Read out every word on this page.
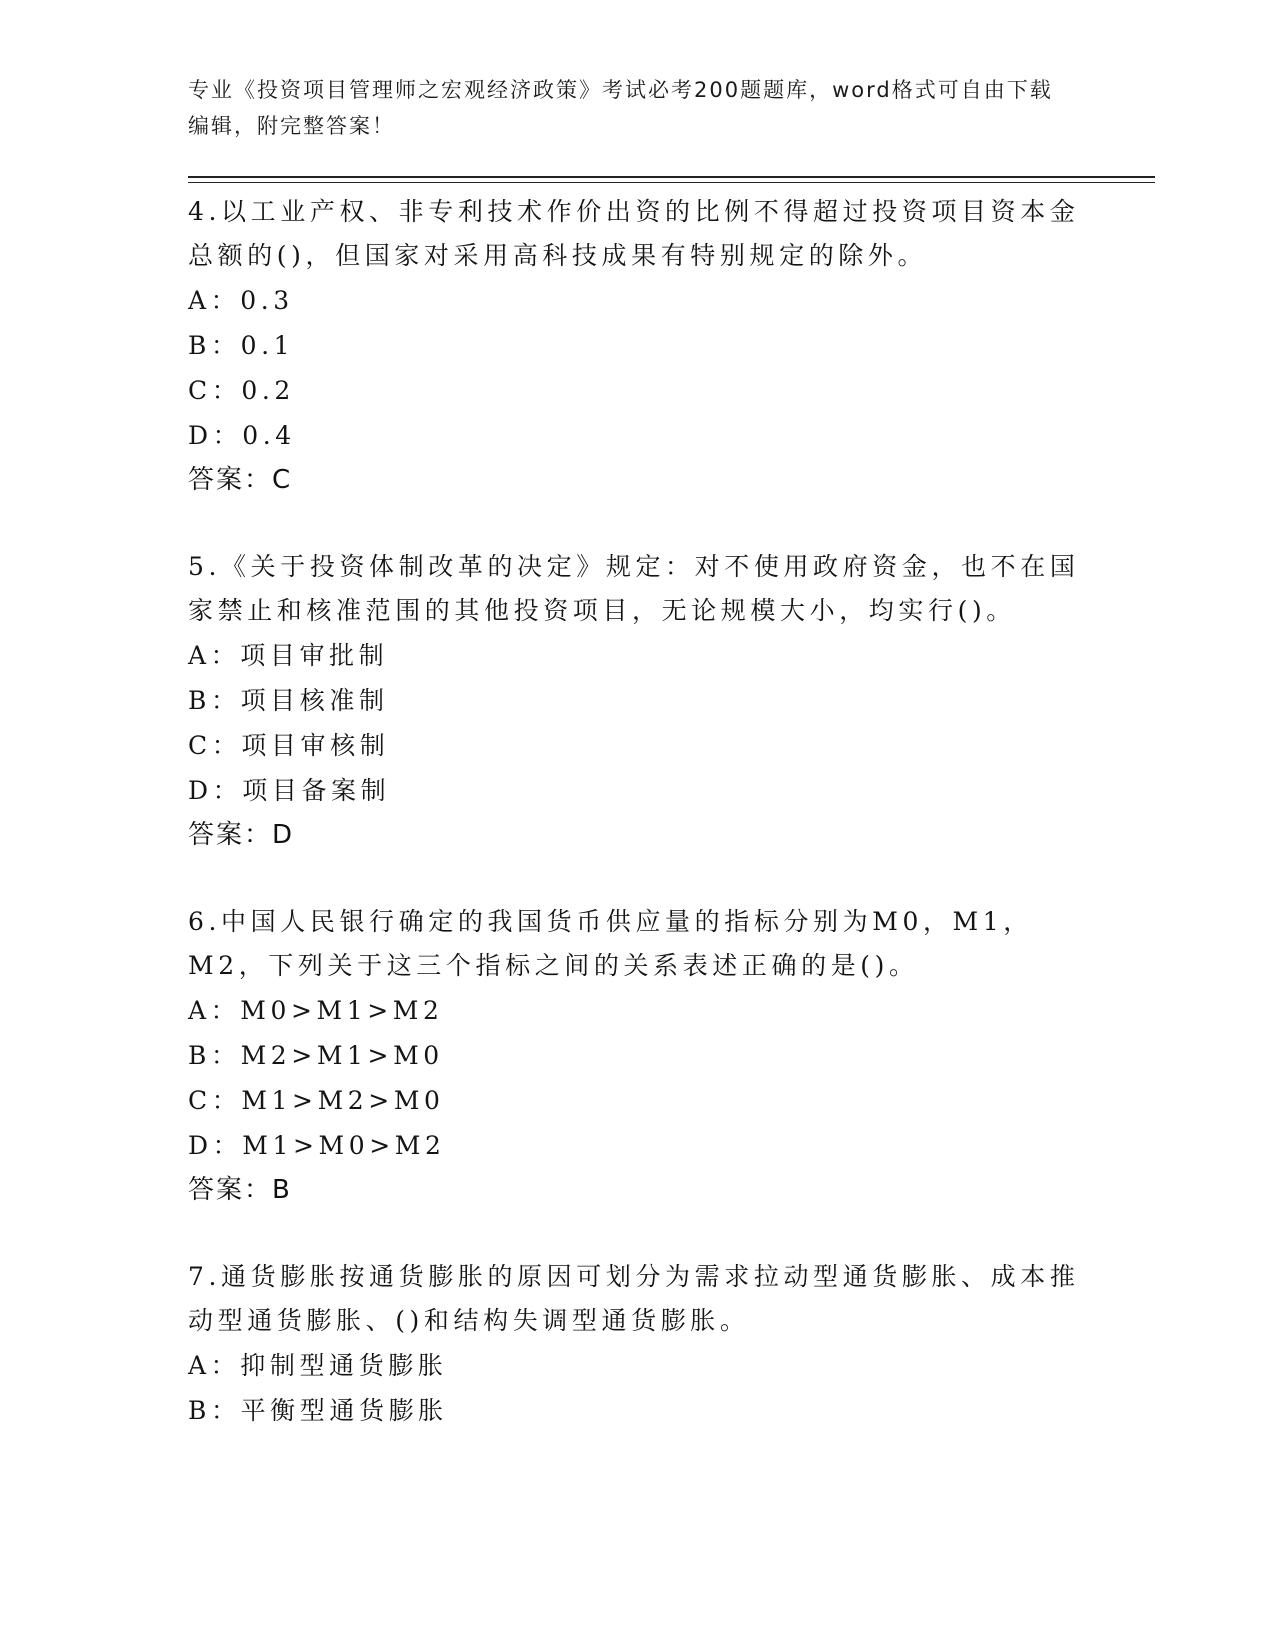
专业《投资项目管理师之宏观经济政策》考试必考200题题库，word格式可自由下载编辑，附完整答案！

4.以工业产权、非专利技术作价出资的比例不得超过投资项目资本金总额的()，但国家对采用高科技成果有特别规定的除外。

A：0.3
B：0.1
C：0.2
D：0.4
答案：C

5.《关于投资体制改革的决定》规定：对不使用政府资金，也不在国家禁止和核准范围的其他投资项目，无论规模大小，均实行()。

A：项目审批制
B：项目核准制
C：项目审核制
D：项目备案制
答案：D

6.中国人民银行确定的我国货币供应量的指标分别为M0，M1，M2，下列关于这三个指标之间的关系表述正确的是()。

A：M0>M1>M2
B：M2>M1>M0
C：M1>M2>M0
D：M1>M0>M2
答案：B

7.通货膨胀按通货膨胀的原因可划分为需求拉动型通货膨胀、成本推动型通货膨胀、()和结构失调型通货膨胀。

A：抑制型通货膨胀
B：平衡型通货膨胀
